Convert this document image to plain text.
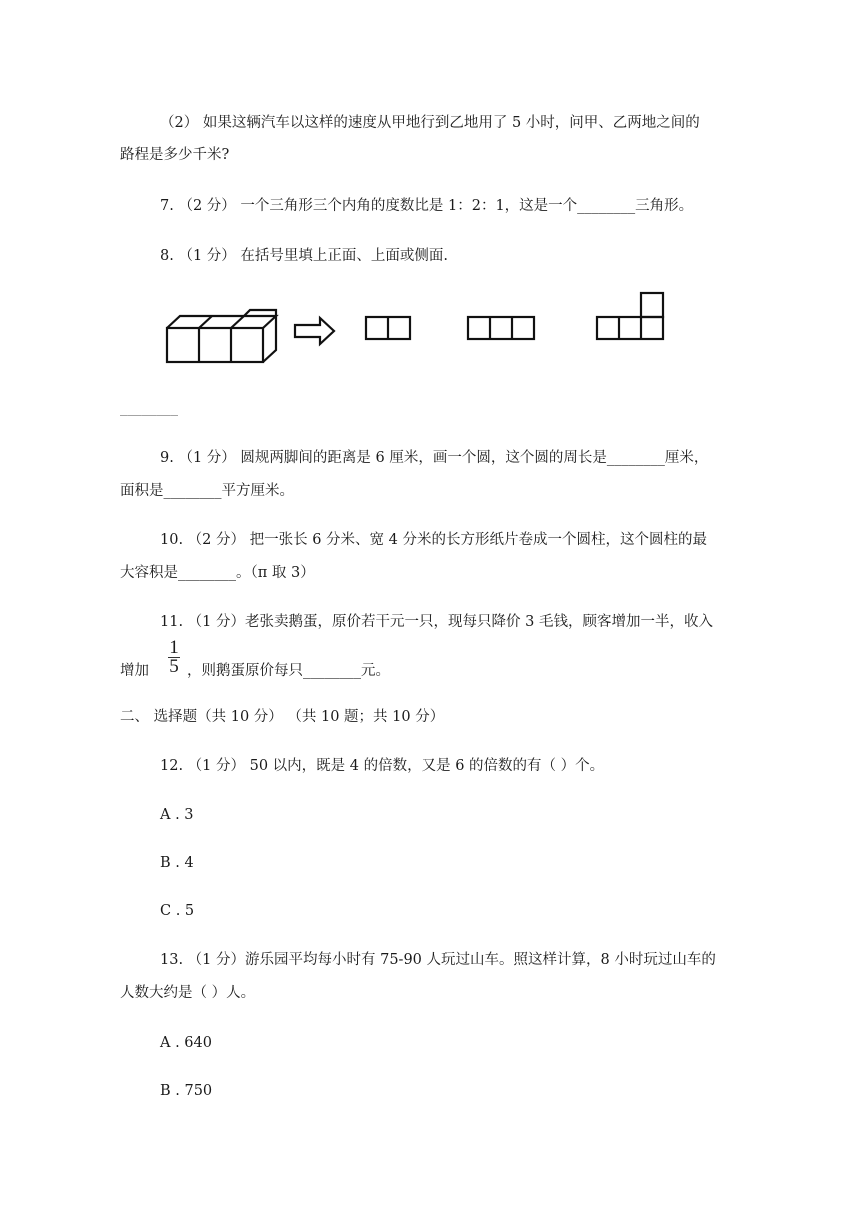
（2） 如果这辆汽车以这样的速度从甲地行到乙地用了 5 小时，问甲、乙两地之间的
路程是多少千米?
7. （2 分） 一个三角形三个内角的度数比是 1：2：1，这是一个________三角形。
8. （1 分） 在括号里填上正面、上面或侧面.
________
9. （1 分） 圆规两脚间的距离是 6 厘米，画一个圆，这个圆的周长是________厘米，
面积是________平方厘米。
10. （2 分） 把一张长 6 分米、宽 4 分米的长方形纸片卷成一个圆柱，这个圆柱的最
大容积是________。（π 取 3）
11. （1 分）老张卖鹅蛋，原价若干元一只，现每只降价 3 毛钱，顾客增加一半，收入
增加
1
5 ，则鹅蛋原价每只________元。
二、 选择题（共 10 分） （共 10 题；共 10 分）
12. （1 分） 50 以内，既是 4 的倍数，又是 6 的倍数的有（ ）个。
A . 3
B . 4
C . 5
13. （1 分）游乐园平均每小时有 75-90 人玩过山车。照这样计算，8 小时玩过山车的
人数大约是（ ）人。
A . 640
B . 750
